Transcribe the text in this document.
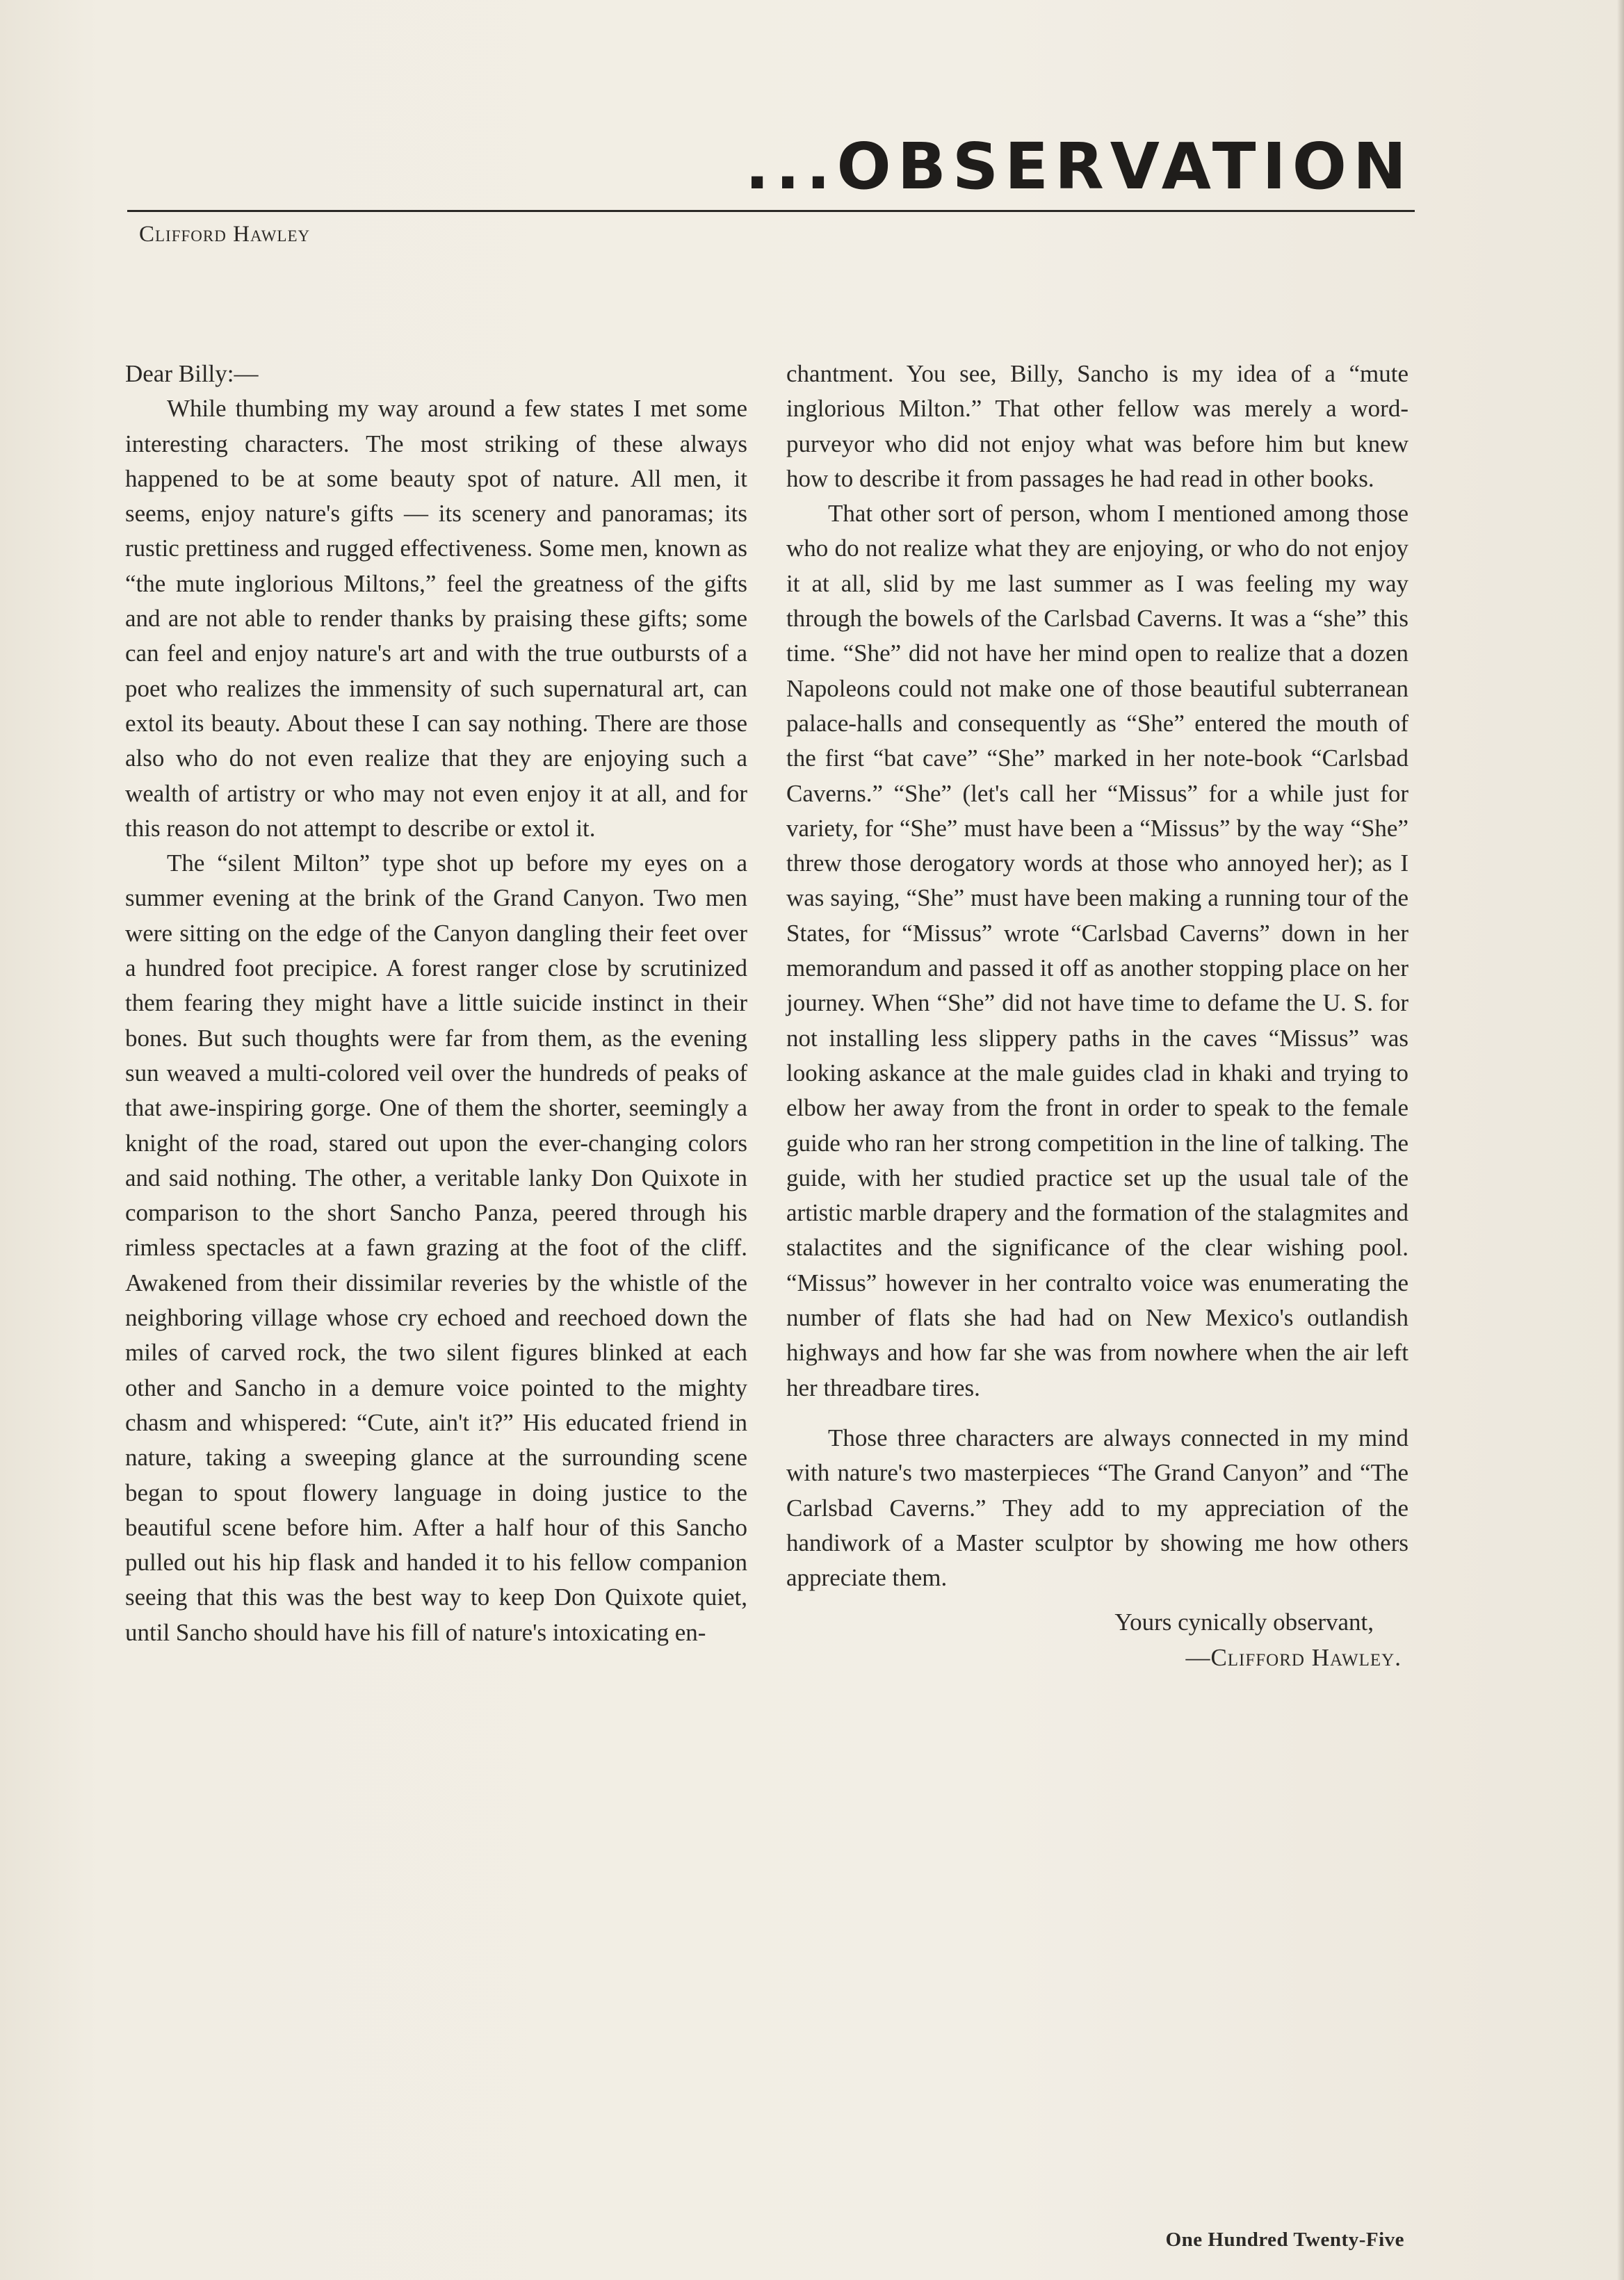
...OBSERVATION
Clifford Hawley

Dear Billy:—

While thumbing my way around a few states I met some interesting characters. The most striking of these always happened to be at some beauty spot of nature. All men, it seems, enjoy nature's gifts — its scenery and panoramas; its rustic prettiness and rugged effectiveness. Some men, known as “the mute inglorious Miltons,” feel the greatness of the gifts and are not able to render thanks by praising these gifts; some can feel and enjoy nature's art and with the true outbursts of a poet who realizes the immensity of such supernatural art, can extol its beauty. About these I can say nothing. There are those also who do not even realize that they are enjoying such a wealth of artistry or who may not even enjoy it at all, and for this reason do not attempt to describe or extol it.

The “silent Milton” type shot up before my eyes on a summer evening at the brink of the Grand Canyon. Two men were sitting on the edge of the Canyon dangling their feet over a hundred foot precipice. A forest ranger close by scrutinized them fearing they might have a little suicide instinct in their bones. But such thoughts were far from them, as the evening sun weaved a multi-colored veil over the hundreds of peaks of that awe-inspiring gorge. One of them the shorter, seemingly a knight of the road, stared out upon the ever-changing colors and said nothing. The other, a veritable lanky Don Quixote in comparison to the short Sancho Panza, peered through his rimless spectacles at a fawn grazing at the foot of the cliff. Awakened from their dissimilar reveries by the whistle of the neighboring village whose cry echoed and reechoed down the miles of carved rock, the two silent figures blinked at each other and Sancho in a demure voice pointed to the mighty chasm and whispered: “Cute, ain't it?” His educated friend in nature, taking a sweeping glance at the surrounding scene began to spout flowery language in doing justice to the beautiful scene before him. After a half hour of this Sancho pulled out his hip flask and handed it to his fellow companion seeing that this was the best way to keep Don Quixote quiet, until Sancho should have his fill of nature's intoxicating en-

chantment. You see, Billy, Sancho is my idea of a “mute inglorious Milton.” That other fellow was merely a word-purveyor who did not enjoy what was before him but knew how to describe it from passages he had read in other books.

That other sort of person, whom I mentioned among those who do not realize what they are enjoying, or who do not enjoy it at all, slid by me last summer as I was feeling my way through the bowels of the Carlsbad Caverns. It was a “she” this time. “She” did not have her mind open to realize that a dozen Napoleons could not make one of those beautiful subterranean palace-halls and consequently as “She” entered the mouth of the first “bat cave” “She” marked in her note-book “Carlsbad Caverns.” “She” (let's call her “Missus” for a while just for variety, for “She” must have been a “Missus” by the way “She” threw those derogatory words at those who annoyed her); as I was saying, “She” must have been making a running tour of the States, for “Missus” wrote “Carlsbad Caverns” down in her memorandum and passed it off as another stopping place on her journey. When “She” did not have time to defame the U. S. for not installing less slippery paths in the caves “Missus” was looking askance at the male guides clad in khaki and trying to elbow her away from the front in order to speak to the female guide who ran her strong competition in the line of talking. The guide, with her studied practice set up the usual tale of the artistic marble drapery and the formation of the stalagmites and stalactites and the significance of the clear wishing pool. “Missus” however in her contralto voice was enumerating the number of flats she had had on New Mexico's outlandish highways and how far she was from nowhere when the air left her threadbare tires.

Those three characters are always connected in my mind with nature's two masterpieces “The Grand Canyon” and “The Carlsbad Caverns.” They add to my appreciation of the handiwork of a Master sculptor by showing me how others appreciate them.

Yours cynically observant,

—Clifford Hawley.

One Hundred Twenty-Five
